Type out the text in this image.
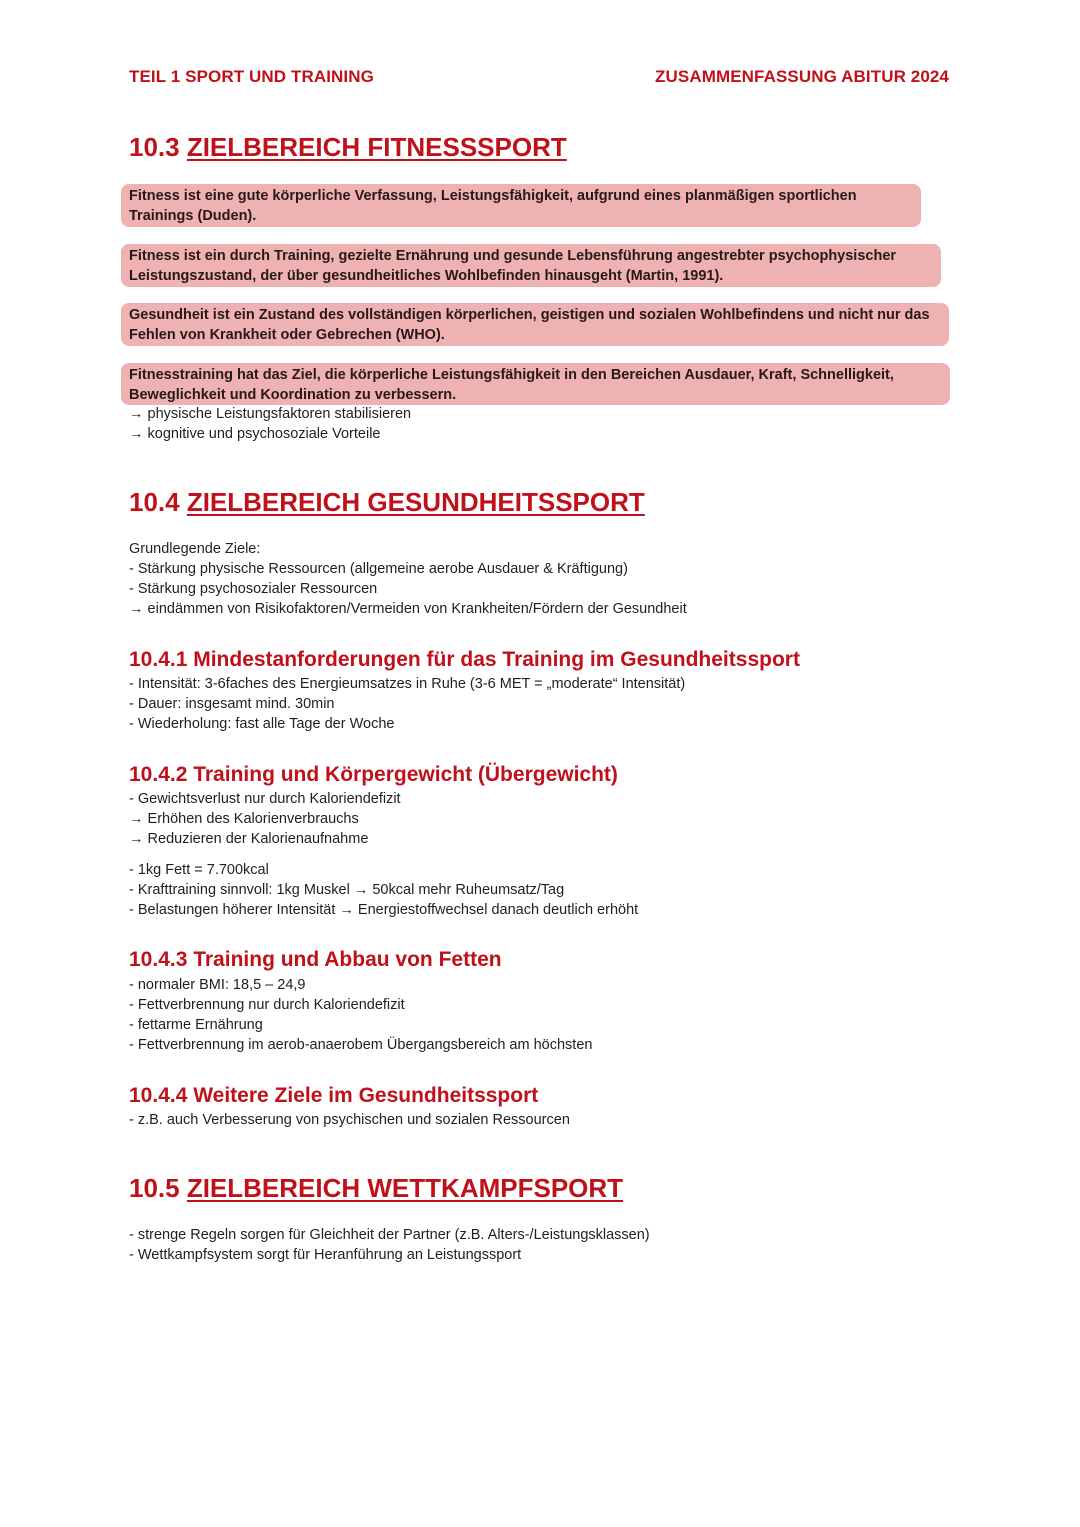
TEIL 1 SPORT UND TRAINING	ZUSAMMENFASSUNG ABITUR 2024
10.3 ZIELBEREICH FITNESSSPORT

Fitness ist eine gute körperliche Verfassung, Leistungsfähigkeit, aufgrund eines planmäßigen sportlichen Trainings (Duden).

Fitness ist ein durch Training, gezielte Ernährung und gesunde Lebensführung angestrebter psychophysischer Leistungszustand, der über gesundheitliches Wohlbefinden hinausgeht (Martin, 1991).

Gesundheit ist ein Zustand des vollständigen körperlichen, geistigen und sozialen Wohlbefindens und nicht nur das Fehlen von Krankheit oder Gebrechen (WHO).

Fitnesstraining hat das Ziel, die körperliche Leistungsfähigkeit in den Bereichen Ausdauer, Kraft, Schnelligkeit, Beweglichkeit und Koordination zu verbessern.

→ physische Leistungsfaktoren stabilisieren
→ kognitive und psychosoziale Vorteile
10.4 ZIELBEREICH GESUNDHEITSSPORT
Grundlegende Ziele:
- Stärkung physische Ressourcen (allgemeine aerobe Ausdauer & Kräftigung)
- Stärkung psychosozialer Ressourcen
→ eindämmen von Risikofaktoren/Vermeiden von Krankheiten/Fördern der Gesundheit
10.4.1 Mindestanforderungen für das Training im Gesundheitssport
- Intensität: 3-6faches des Energieumsatzes in Ruhe (3-6 MET = „moderate“ Intensität)
- Dauer: insgesamt mind. 30min
- Wiederholung: fast alle Tage der Woche
10.4.2 Training und Körpergewicht (Übergewicht)
- Gewichtsverlust nur durch Kaloriendefizit
→ Erhöhen des Kalorienverbrauchs
→ Reduzieren der Kalorienaufnahme
- 1kg Fett = 7.700kcal
- Krafttraining sinnvoll: 1kg Muskel → 50kcal mehr Ruheumsatz/Tag
- Belastungen höherer Intensität → Energiestoffwechsel danach deutlich erhöht
10.4.3 Training und Abbau von Fetten
- normaler BMI: 18,5 – 24,9
- Fettverbrennung nur durch Kaloriendefizit
- fettarme Ernährung
- Fettverbrennung im aerob-anaerobem Übergangsbereich am höchsten
10.4.4 Weitere Ziele im Gesundheitssport
- z.B. auch Verbesserung von psychischen und sozialen Ressourcen
10.5 ZIELBEREICH WETTKAMPFSPORT
- strenge Regeln sorgen für Gleichheit der Partner (z.B. Alters-/Leistungsklassen)
- Wettkampfsystem sorgt für Heranführung an Leistungssport
